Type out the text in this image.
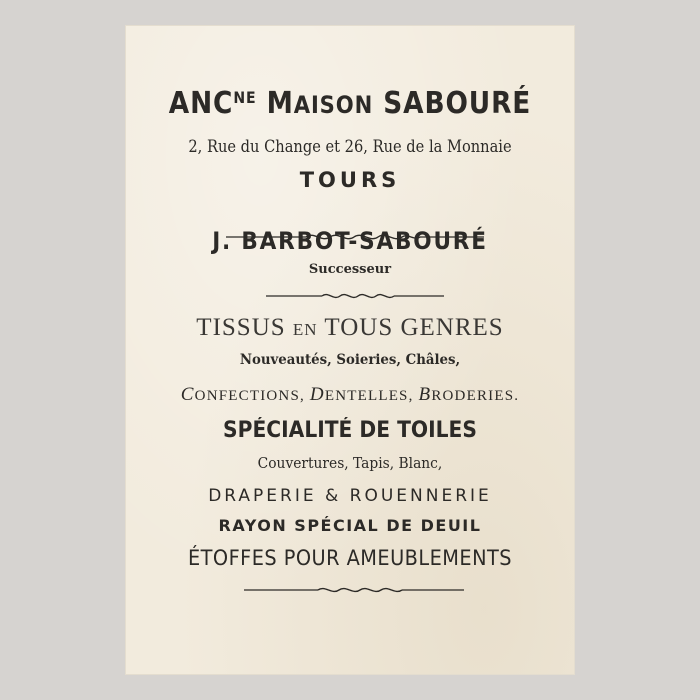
$ANC^{NE}$ MAISON SABOURÉ
2, Rue du Change et 26, Rue de la Monnaie
TOURS
J. BARBOT-SABOURÉ
Successeur
TISSUS EN TOUS GENRES
Nouveautés, Soieries, Châles,
CONFECTIONS, DENTELLES, BRODERIES.
SPÉCIALITÉ DE TOILES
Couvertures, Tapis, Blanc,
DRAPERIE & ROUENNERIE
RAYON SPÉCIAL DE DEUIL
ÉTOFFES POUR AMEUBLEMENTS
